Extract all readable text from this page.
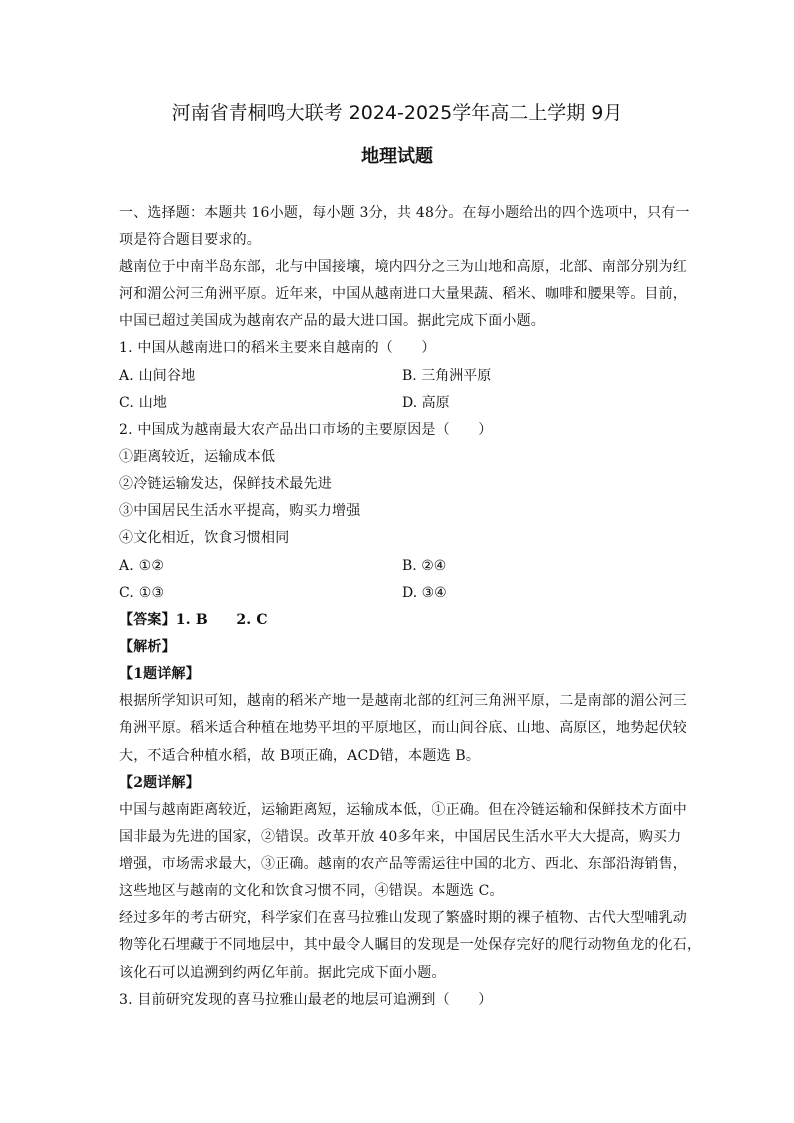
河南省青桐鸣大联考 2024-2025学年高二上学期 9月
地理试题
一、选择题：本题共 16小题，每小题 3分，共 48分。在每小题给出的四个选项中，只有一
项是符合题目要求的。
越南位于中南半岛东部，北与中国接壤，境内四分之三为山地和高原，北部、南部分别为红
河和湄公河三角洲平原。近年来，中国从越南进口大量果蔬、稻米、咖啡和腰果等。目前，
中国已超过美国成为越南农产品的最大进口国。据此完成下面小题。
1. 中国从越南进口的稻米主要来自越南的（　　）
A. 山间谷地	B. 三角洲平原
C. 山地	D. 高原
2. 中国成为越南最大农产品出口市场的主要原因是（　　）
①距离较近，运输成本低
②冷链运输发达，保鲜技术最先进
③中国居民生活水平提高，购买力增强
④文化相近，饮食习惯相同
A. ①②	B. ②④
C. ①③	D. ③④
【答案】1. B　　2. C
【解析】
【1题详解】
根据所学知识可知，越南的稻米产地一是越南北部的红河三角洲平原，二是南部的湄公河三
角洲平原。稻米适合种植在地势平坦的平原地区，而山间谷底、山地、高原区，地势起伏较
大，不适合种植水稻，故 B项正确，ACD错，本题选 B。
【2题详解】
中国与越南距离较近，运输距离短，运输成本低，①正确。但在冷链运输和保鲜技术方面中
国非最为先进的国家，②错误。改革开放 40多年来，中国居民生活水平大大提高，购买力
增强，市场需求最大，③正确。越南的农产品等需运往中国的北方、西北、东部沿海销售，
这些地区与越南的文化和饮食习惯不同，④错误。本题选 C。
经过多年的考古研究，科学家们在喜马拉雅山发现了繁盛时期的裸子植物、古代大型哺乳动
物等化石埋藏于不同地层中，其中最令人瞩目的发现是一处保存完好的爬行动物鱼龙的化石，
该化石可以追溯到约两亿年前。据此完成下面小题。
3. 目前研究发现的喜马拉雅山最老的地层可追溯到（　　）
